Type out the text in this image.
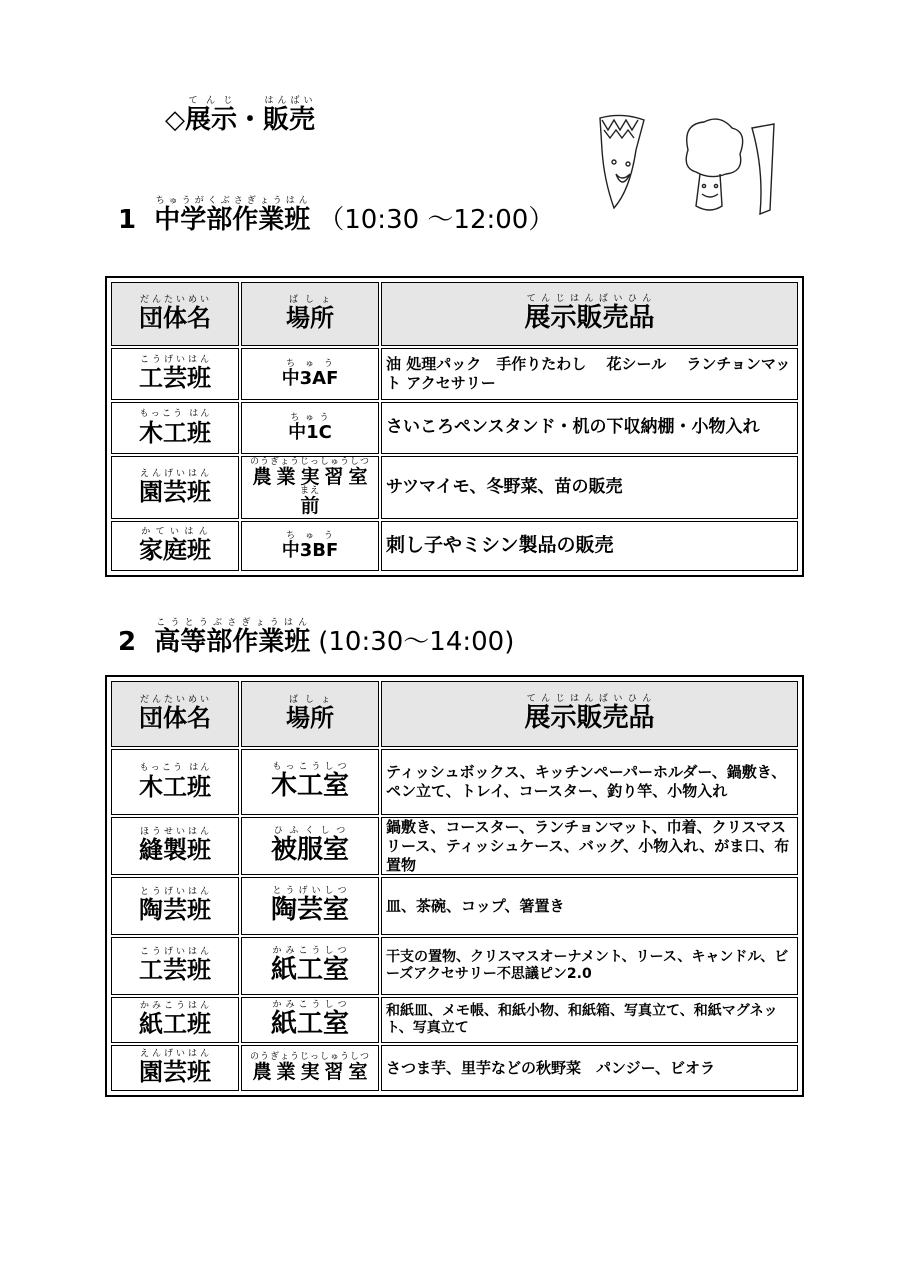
◇展示てんじ・販売はんばい
1 中学部作業班ちゅうがくぶさぎょうはん（10:30 〜12:00）
団体名だんたいめい	場所ばしょ	展示販売品てんじはんばいひん
工芸班こうげいはん	中3AFちゅう	油 処理パック　手作りたわし　 花シール　 ランチョンマット アクセサリー
木工班もっこう はん	中1Cちゅう	さいころペンスタンド・机の下収納棚・小物入れ
園芸班えんげいはん	農業実習室前のうぎょうじっしゅうしつ まえ	サツマイモ、冬野菜、苗の販売
家庭班かていはん	中3BFちゅう	刺し子やミシン製品の販売
2 高等部作業班こうとうぶさぎょうはん(10:30〜14:00)
団体名だんたいめい	場所ばしょ	展示販売品てんじはんばいひん
木工班もっこう はん	木工室もっこうしつ	ティッシュボックス、キッチンペーパーホルダー、鍋敷き、ペン立て、トレイ、コースター、釣り竿、小物入れ
縫製班ほうせいはん	被服室ひふくしつ	鍋敷き、コースター、ランチョンマット、巾着、クリスマスリース、ティッシュケース、バッグ、小物入れ、がま口、布置物
陶芸班とうげいはん	陶芸室とうげいしつ	皿、茶碗、コップ、箸置き
工芸班こうげいはん	紙工室かみこうしつ	干支の置物、クリスマスオーナメント、リース、キャンドル、ビーズアクセサリー不思議ピン2.0
紙工班かみこうはん	紙工室かみこうしつ	和紙皿、メモ帳、和紙小物、和紙箱、写真立て、和紙マグネット、写真立て
園芸班えんげいはん	農業実習室のうぎょうじっしゅうしつ	さつま芋、里芋などの秋野菜　パンジー、ビオラ
